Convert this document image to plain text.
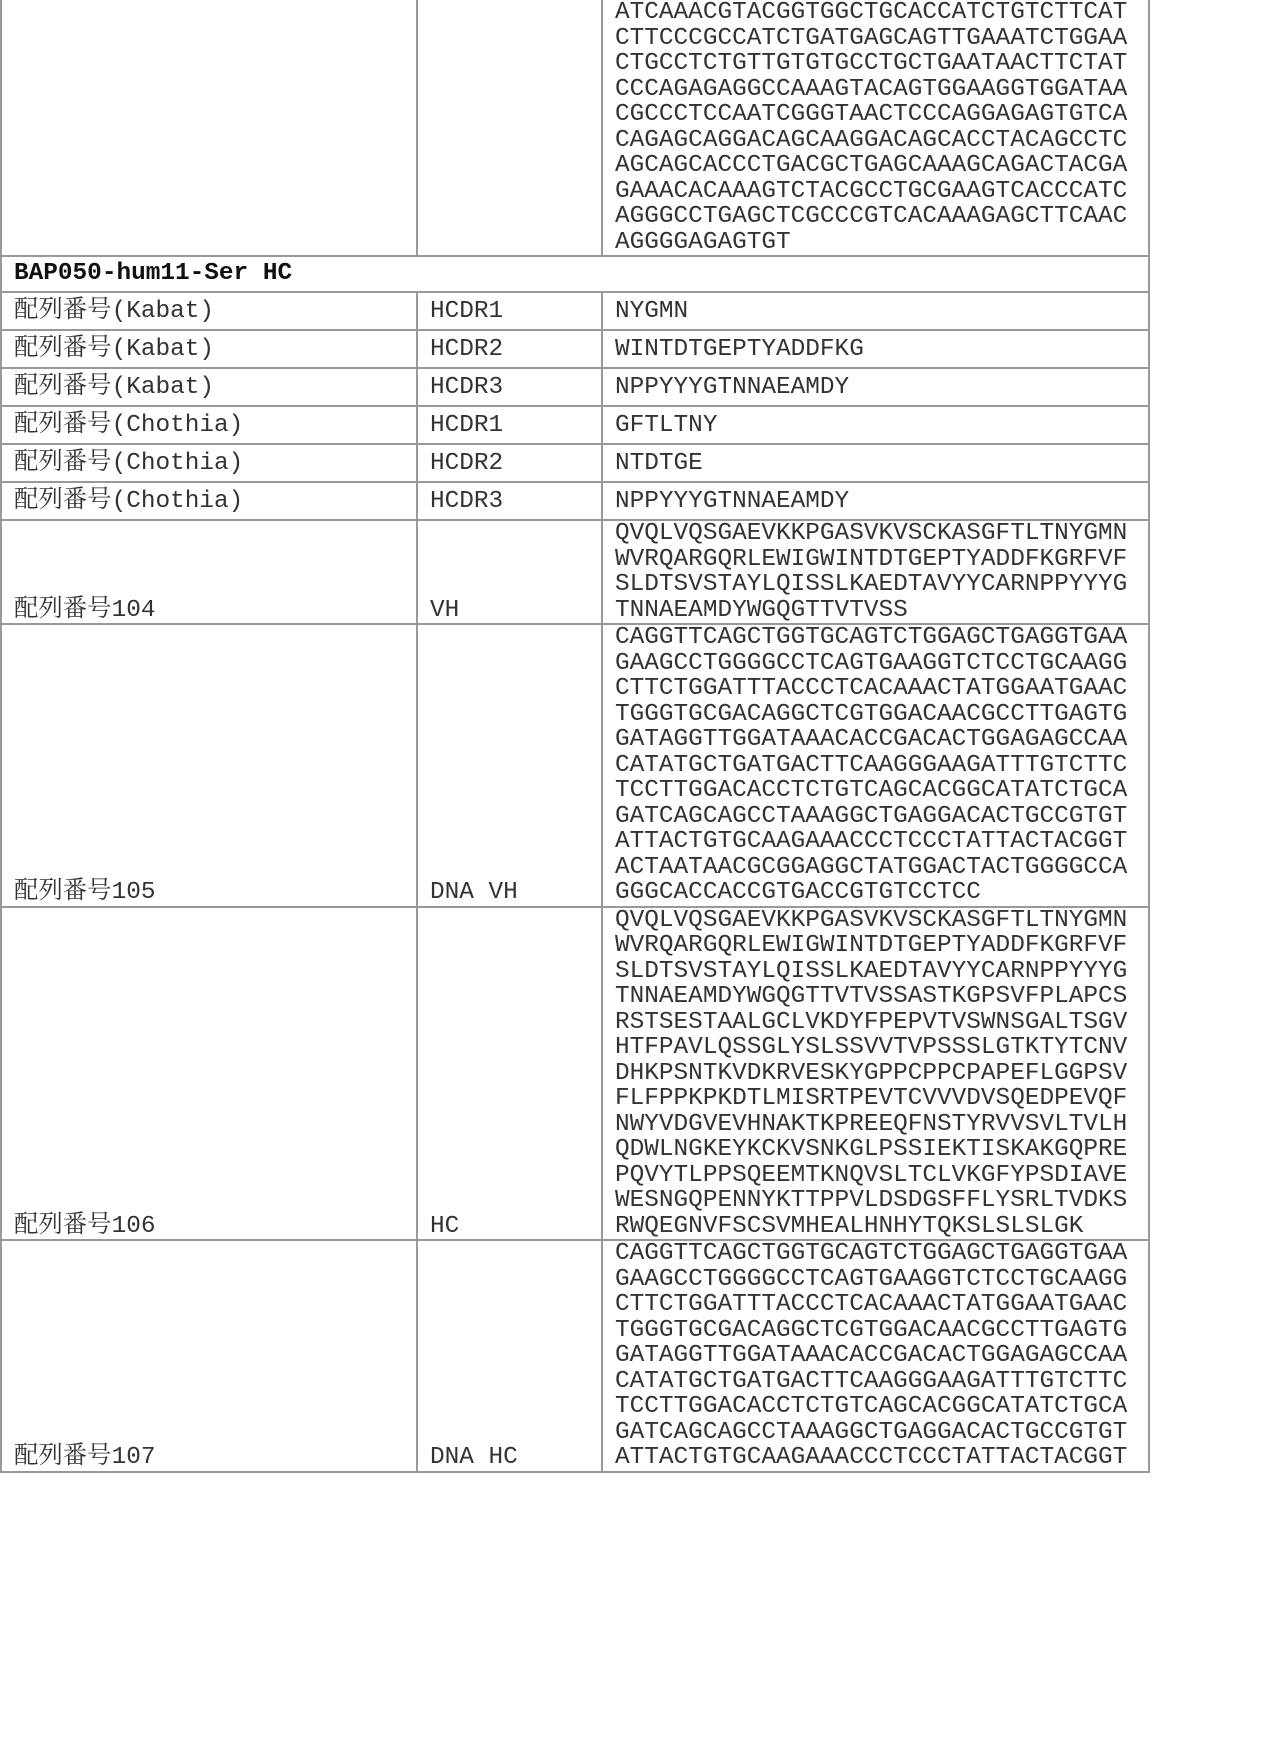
ATCAAACGTACGGTGGCTGCACCATCTGTCTTCAT
CTTCCCGCCATCTGATGAGCAGTTGAAATCTGGAA
CTGCCTCTGTTGTGTGCCTGCTGAATAACTTCTAT
CCCAGAGAGGCCAAAGTACAGTGGAAGGTGGATAA
CGCCCTCCAATCGGGTAACTCCCAGGAGAGTGTCA
CAGAGCAGGACAGCAAGGACAGCACCTACAGCCTC
AGCAGCACCCTGACGCTGAGCAAAGCAGACTACGA
GAAACACAAAGTCTACGCCTGCGAAGTCACCCATC
AGGGCCTGAGCTCGCCCGTCACAAAGAGCTTCAAC
AGGGGAGAGTGT

BAP050-hum11-Ser HC
配列番号(Kabat)	HCDR1	NYGMN

配列番号(Kabat)	HCDR2	WINTDTGEPTYADDFKG

配列番号(Kabat)	HCDR3	NPPYYYGTNNAEAMDY

配列番号(Chothia)	HCDR1	GFTLTNY

配列番号(Chothia)	HCDR2	NTDTGE

配列番号(Chothia)	HCDR3	NPPYYYGTNNAEAMDY

配列番号104	VH	
QVQLVQSGAEVKKPGASVKVSCKASGFTLTNYGMN
WVRQARGQRLEWIGWINTDTGEPTYADDFKGRFVF
SLDTSVSTAYLQISSLKAEDTAVYYCARNPPYYYG
TNNAEAMDYWGQGTTVTVSS

配列番号105	DNA VH	
CAGGTTCAGCTGGTGCAGTCTGGAGCTGAGGTGAA
GAAGCCTGGGGCCTCAGTGAAGGTCTCCTGCAAGG
CTTCTGGATTTACCCTCACAAACTATGGAATGAAC
TGGGTGCGACAGGCTCGTGGACAACGCCTTGAGTG
GATAGGTTGGATAAACACCGACACTGGAGAGCCAA
CATATGCTGATGACTTCAAGGGAAGATTTGTCTTC
TCCTTGGACACCTCTGTCAGCACGGCATATCTGCA
GATCAGCAGCCTAAAGGCTGAGGACACTGCCGTGT
ATTACTGTGCAAGAAACCCTCCCTATTACTACGGT
ACTAATAACGCGGAGGCTATGGACTACTGGGGCCA
GGGCACCACCGTGACCGTGTCCTCC

配列番号106	HC	
QVQLVQSGAEVKKPGASVKVSCKASGFTLTNYGMN
WVRQARGQRLEWIGWINTDTGEPTYADDFKGRFVF
SLDTSVSTAYLQISSLKAEDTAVYYCARNPPYYYG
TNNAEAMDYWGQGTTVTVSSASTKGPSVFPLAPCS
RSTSESTAALGCLVKDYFPEPVTVSWNSGALTSGV
HTFPAVLQSSGLYSLSSVVTVPSSSLGTKTYTCNV
DHKPSNTKVDKRVESKYGPPCPPCPAPEFLGGPSV
FLFPPKPKDTLMISRTPEVTCVVVDVSQEDPEVQF
NWYVDGVEVHNAKTKPREEQFNSTYRVVSVLTVLH
QDWLNGKEYKCKVSNKGLPSSIEKTISKAKGQPRE
PQVYTLPPSQEEMTKNQVSLTCLVKGFYPSDIAVE
WESNGQPENNYKTTPPVLDSDGSFFLYSRLTVDKS
RWQEGNVFSCSVMHEALHNHYTQKSLSLSLGK

配列番号107	DNA HC	
CAGGTTCAGCTGGTGCAGTCTGGAGCTGAGGTGAA
GAAGCCTGGGGCCTCAGTGAAGGTCTCCTGCAAGG
CTTCTGGATTTACCCTCACAAACTATGGAATGAAC
TGGGTGCGACAGGCTCGTGGACAACGCCTTGAGTG
GATAGGTTGGATAAACACCGACACTGGAGAGCCAA
CATATGCTGATGACTTCAAGGGAAGATTTGTCTTC
TCCTTGGACACCTCTGTCAGCACGGCATATCTGCA
GATCAGCAGCCTAAAGGCTGAGGACACTGCCGTGT
ATTACTGTGCAAGAAACCCTCCCTATTACTACGGT
